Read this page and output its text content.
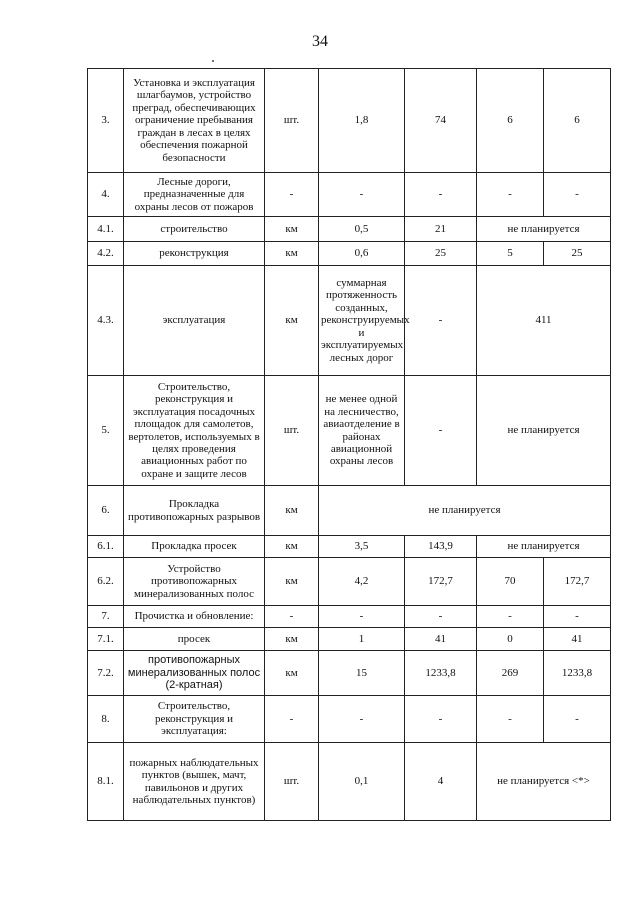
34
3.	Установка и эксплуатация шлагбаумов, устройство преград, обеспечивающих ограничение пребывания граждан в лесах в целях обеспечения пожарной безопасности	шт.	1,8	74	6	6
4.	Лесные дороги, предназначенные для охраны лесов от пожаров	-	-	-	-	-
4.1.	строительство	км	0,5	21	не планируется	
4.2.	реконструкция	км	0,6	25	5	25
4.3.	эксплуатация	км	суммарная протяженность созданных, реконструируемых и эксплуатируемых лесных дорог	-	411	
5.	Строительство, реконструкция и эксплуатация посадочных площадок для самолетов, вертолетов, используемых в целях проведения авиационных работ по охране и защите лесов	шт.	не менее одной на лесничество, авиаотделение в районах авиационной охраны лесов	-	не планируется	
6.	Прокладка противопожарных разрывов	км	не планируется			
6.1.	Прокладка просек	км	3,5	143,9	не планируется	
6.2.	Устройство противопожарных минерализованных полос	км	4,2	172,7	70	172,7
7.	Прочистка и обновление:	-	-	-	-	-
7.1.	просек	км	1	41	0	41
7.2.	противопожарных минерализованных полос (2-кратная)	км	15	1233,8	269	1233,8
8.	Строительство, реконструкция и эксплуатация:	-	-	-	-	-
8.1.	пожарных наблюдательных пунктов (вышек, мачт, павильонов и других наблюдательных пунктов)	шт.	0,1	4	не планируется <*>	
